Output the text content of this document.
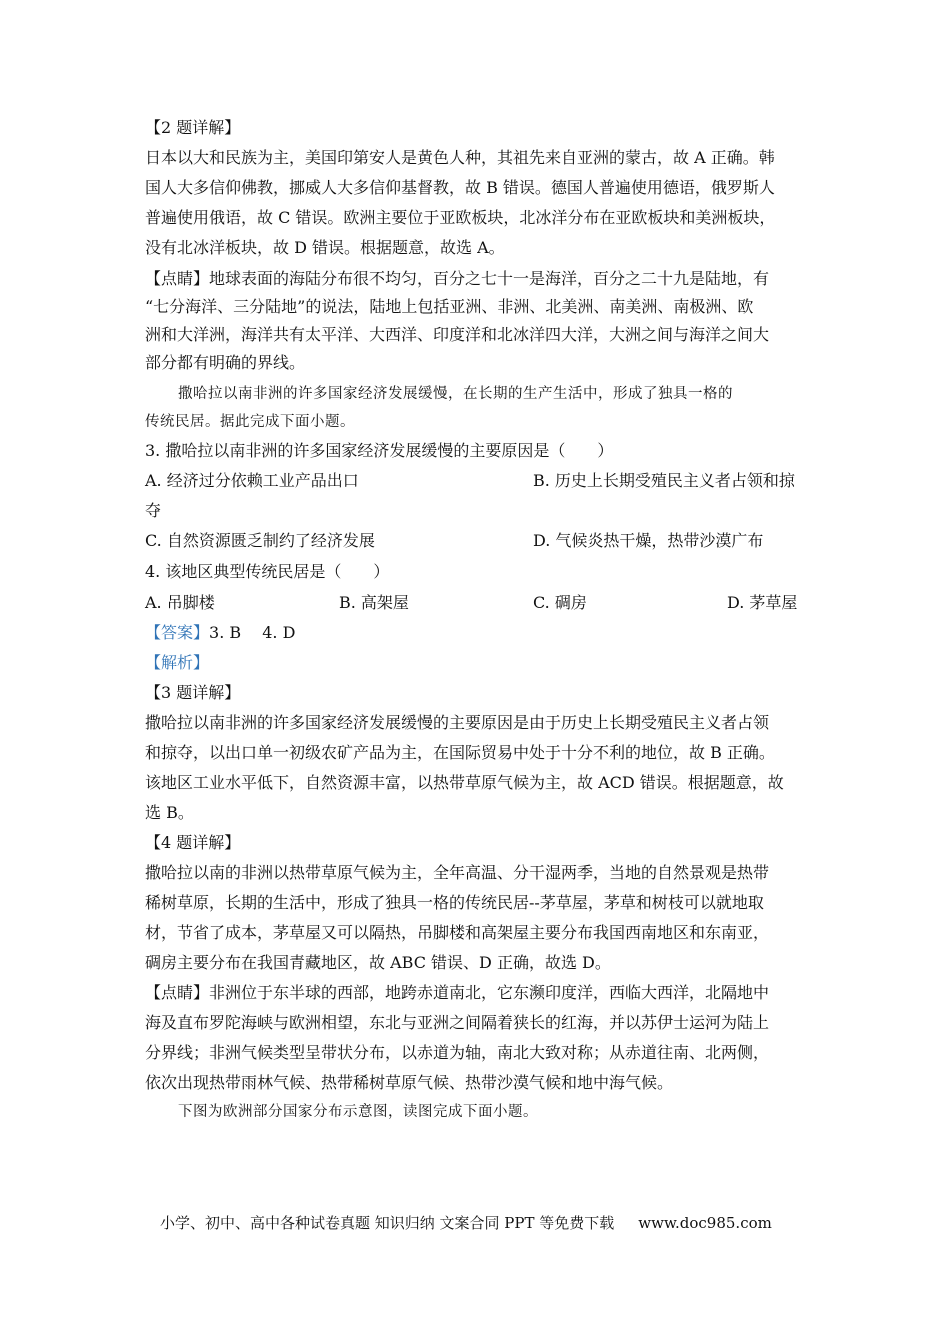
【2 题详解】
日本以大和民族为主，美国印第安人是黄色人种，其祖先来自亚洲的蒙古，故 A 正确。韩
国人大多信仰佛教，挪威人大多信仰基督教，故 B 错误。德国人普遍使用德语，俄罗斯人
普遍使用俄语，故 C 错误。欧洲主要位于亚欧板块，北冰洋分布在亚欧板块和美洲板块，
没有北冰洋板块，故 D 错误。根据题意，故选 A。
【点睛】地球表面的海陆分布很不均匀，百分之七十一是海洋，百分之二十九是陆地，有
“七分海洋、三分陆地”的说法，陆地上包括亚洲、非洲、北美洲、南美洲、南极洲、欧
洲和大洋洲，海洋共有太平洋、大西洋、印度洋和北冰洋四大洋，大洲之间与海洋之间大
部分都有明确的界线。
撒哈拉以南非洲的许多国家经济发展缓慢，在长期的生产生活中，形成了独具一格的
传统民居。据此完成下面小题。
3. 撒哈拉以南非洲的许多国家经济发展缓慢的主要原因是（　　）
A. 经济过分依赖工业产品出口	B. 历史上长期受殖民主义者占领和掠
夺
C. 自然资源匮乏制约了经济发展	D. 气候炎热干燥，热带沙漠广布
4. 该地区典型传统民居是（　　）
A. 吊脚楼	B. 高架屋	C. 碉房	D. 茅草屋
【答案】3. B　 4. D
【解析】
【3 题详解】
撒哈拉以南非洲的许多国家经济发展缓慢的主要原因是由于历史上长期受殖民主义者占领
和掠夺，以出口单一初级农矿产品为主，在国际贸易中处于十分不利的地位，故 B 正确。
该地区工业水平低下，自然资源丰富，以热带草原气候为主，故 ACD 错误。根据题意，故
选 B。
【4 题详解】
撒哈拉以南的非洲以热带草原气候为主，全年高温、分干湿两季，当地的自然景观是热带
稀树草原，长期的生活中，形成了独具一格的传统民居--茅草屋，茅草和树枝可以就地取
材，节省了成本，茅草屋又可以隔热，吊脚楼和高架屋主要分布我国西南地区和东南亚，
碉房主要分布在我国青藏地区，故 ABC 错误、D 正确，故选 D。
【点睛】非洲位于东半球的西部，地跨赤道南北，它东濒印度洋，西临大西洋，北隔地中
海及直布罗陀海峡与欧洲相望，东北与亚洲之间隔着狭长的红海，并以苏伊士运河为陆上
分界线；非洲气候类型呈带状分布，以赤道为轴，南北大致对称；从赤道往南、北两侧，
依次出现热带雨林气候、热带稀树草原气候、热带沙漠气候和地中海气候。
下图为欧洲部分国家分布示意图，读图完成下面小题。
小学、初中、高中各种试卷真题 知识归纳 文案合同 PPT 等免费下载 www.doc985.com
